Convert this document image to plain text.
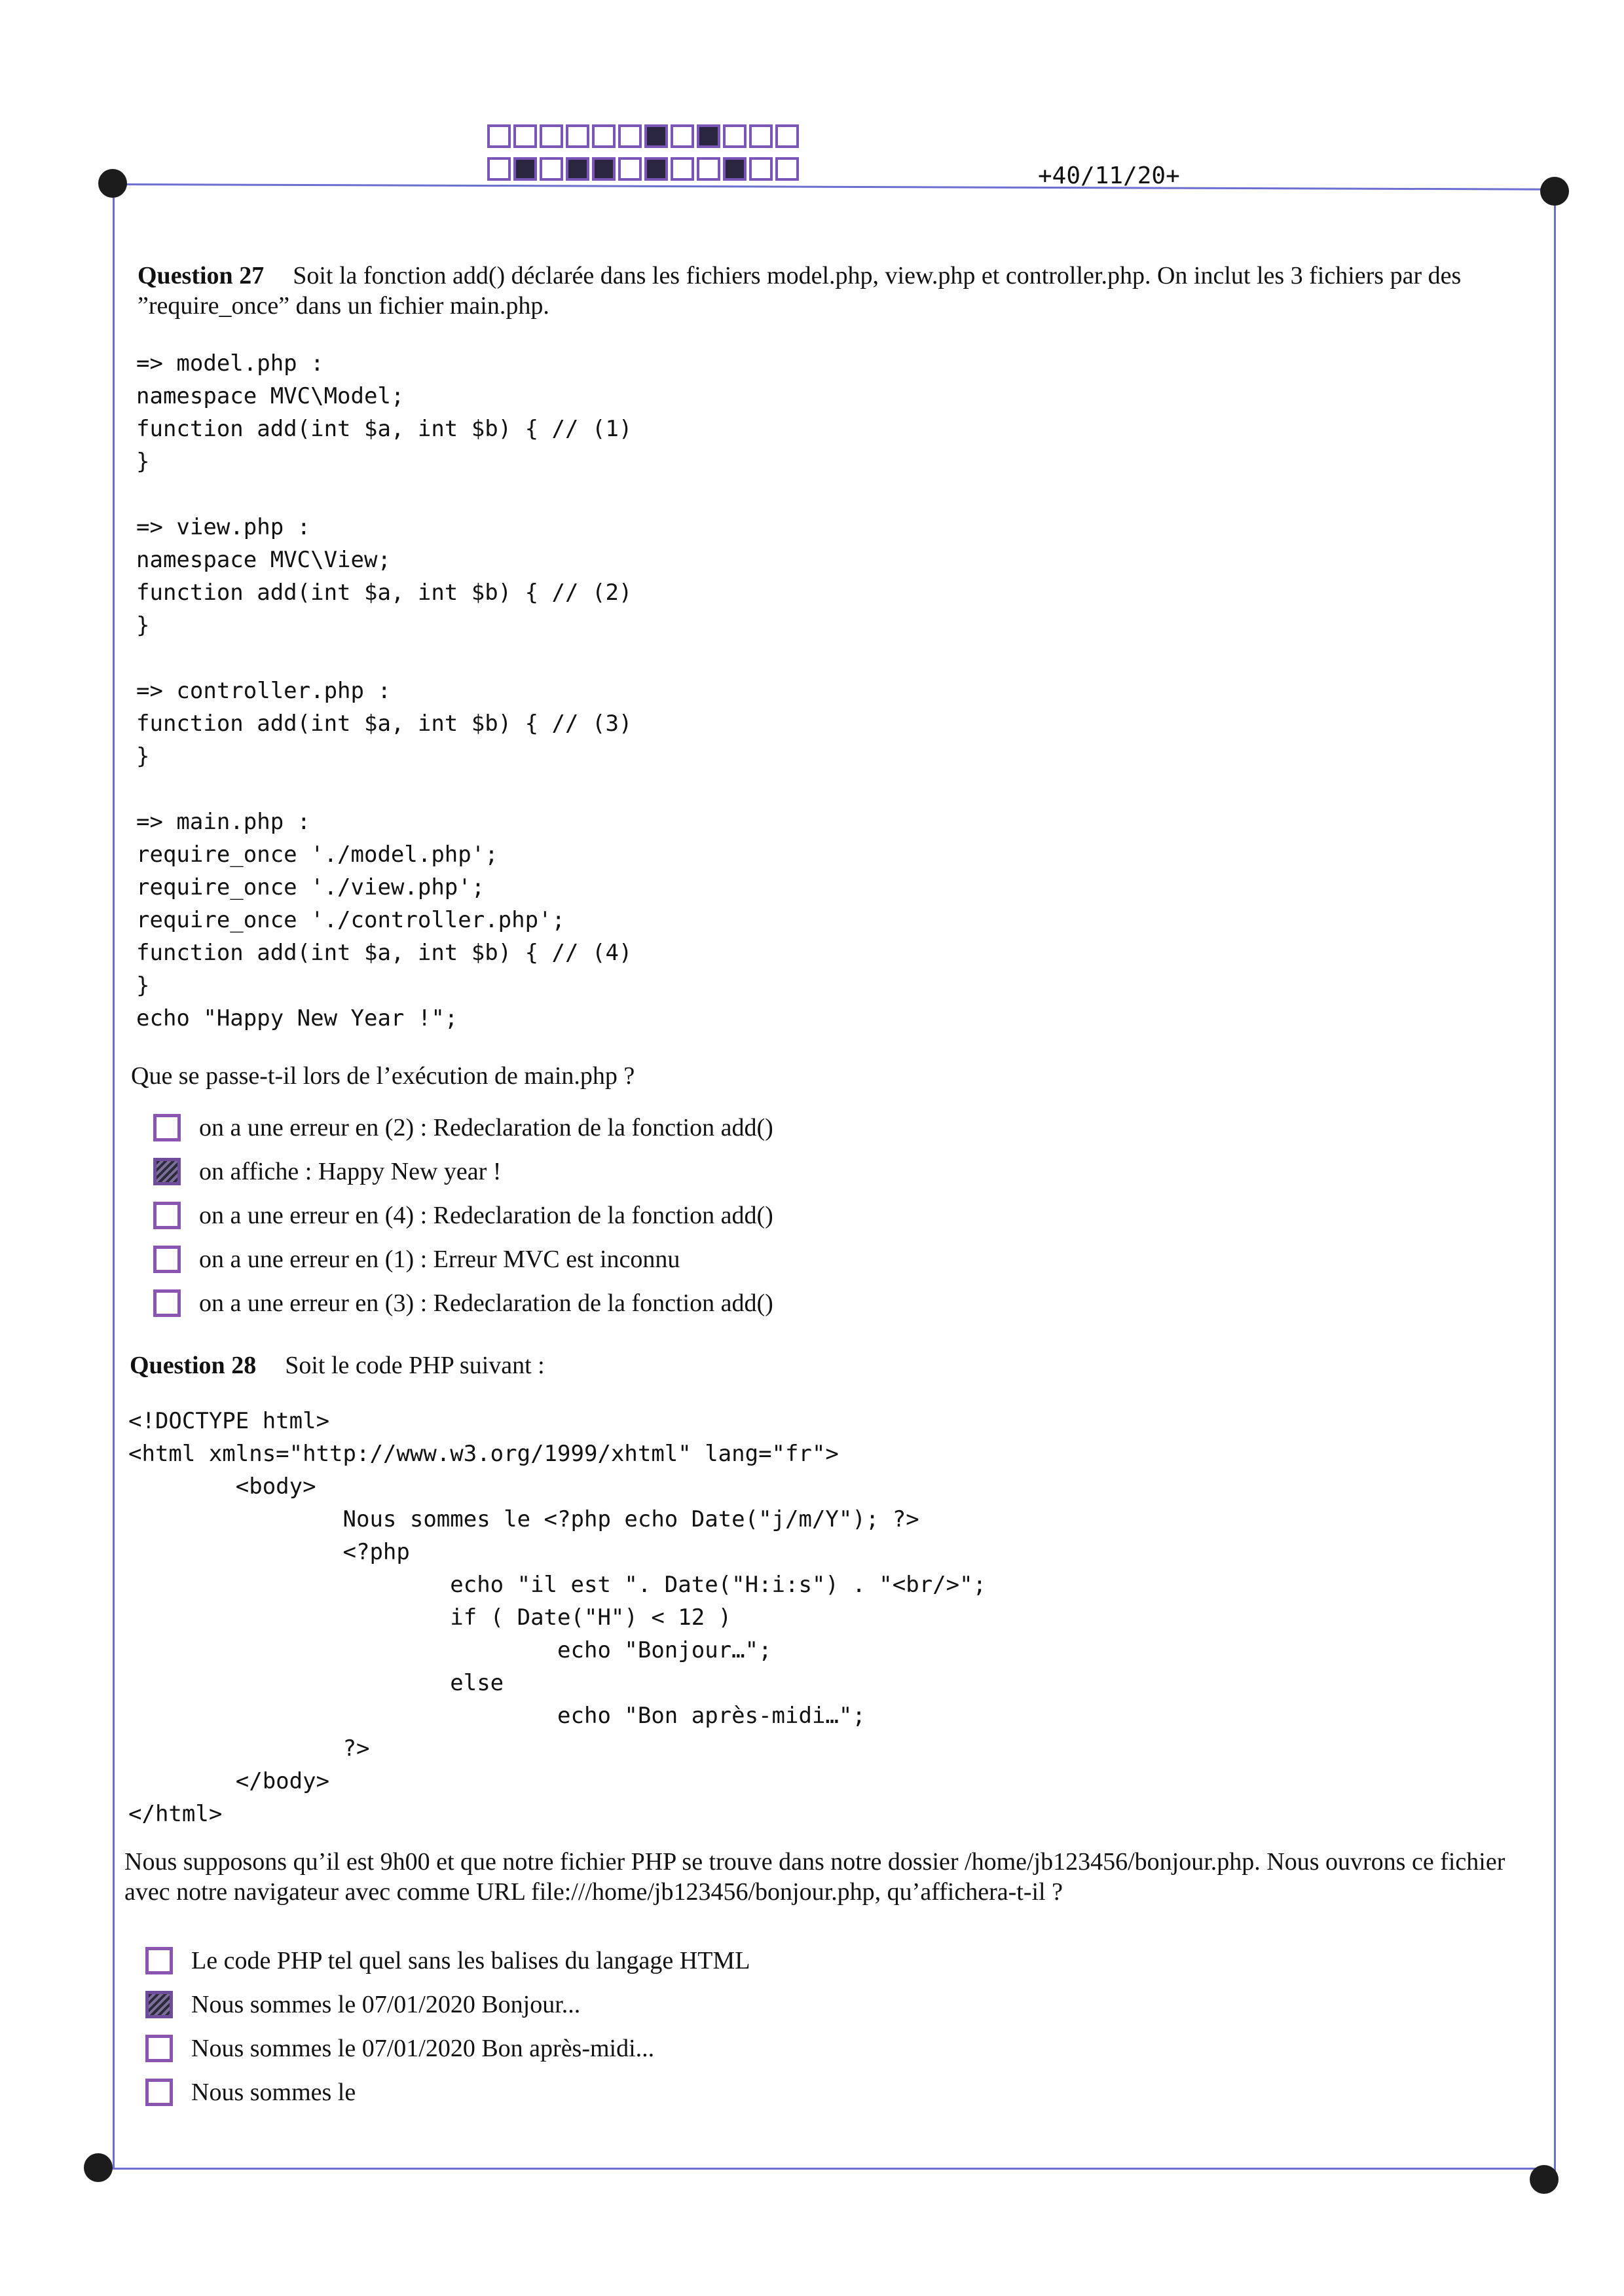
+40/11/20+
Question 27 Soit la fonction add() déclarée dans les fichiers model.php, view.php et controller.php. On inclut les 3 fichiers par des ”require_once” dans un fichier main.php.
=> model.php :
namespace MVC\Model;
function add(int $a, int $b) { // (1)
}

=> view.php :
namespace MVC\View;
function add(int $a, int $b) { // (2)
}

=> controller.php :
function add(int $a, int $b) { // (3)
}

=> main.php :
require_once './model.php';
require_once './view.php';
require_once './controller.php';
function add(int $a, int $b) { // (4)
}
echo "Happy New Year !";
Que se passe-t-il lors de l’exécution de main.php ?
on a une erreur en (2) : Redeclaration de la fonction add()
on affiche : Happy New year !
on a une erreur en (4) : Redeclaration de la fonction add()
on a une erreur en (1) : Erreur MVC est inconnu
on a une erreur en (3) : Redeclaration de la fonction add()
Question 28 Soit le code PHP suivant :
<!DOCTYPE html>
<html xmlns="http://www.w3.org/1999/xhtml" lang="fr">
<body>
Nous sommes le <?php echo Date("j/m/Y"); ?>
<?php
echo "il est ". Date("H:i:s") . "<br/>";
if ( Date("H") < 12 )
echo "Bonjour…";
else
echo "Bon après-midi…";
?>
</body>
</html>
Nous supposons qu’il est 9h00 et que notre fichier PHP se trouve dans notre dossier /home/jb123456/bonjour.php. Nous ouvrons ce fichier avec notre navigateur avec comme URL file:///home/jb123456/bonjour.php, qu’affichera-t-il ?
Le code PHP tel quel sans les balises du langage HTML
Nous sommes le 07/01/2020 Bonjour...
Nous sommes le 07/01/2020 Bon après-midi...
Nous sommes le
